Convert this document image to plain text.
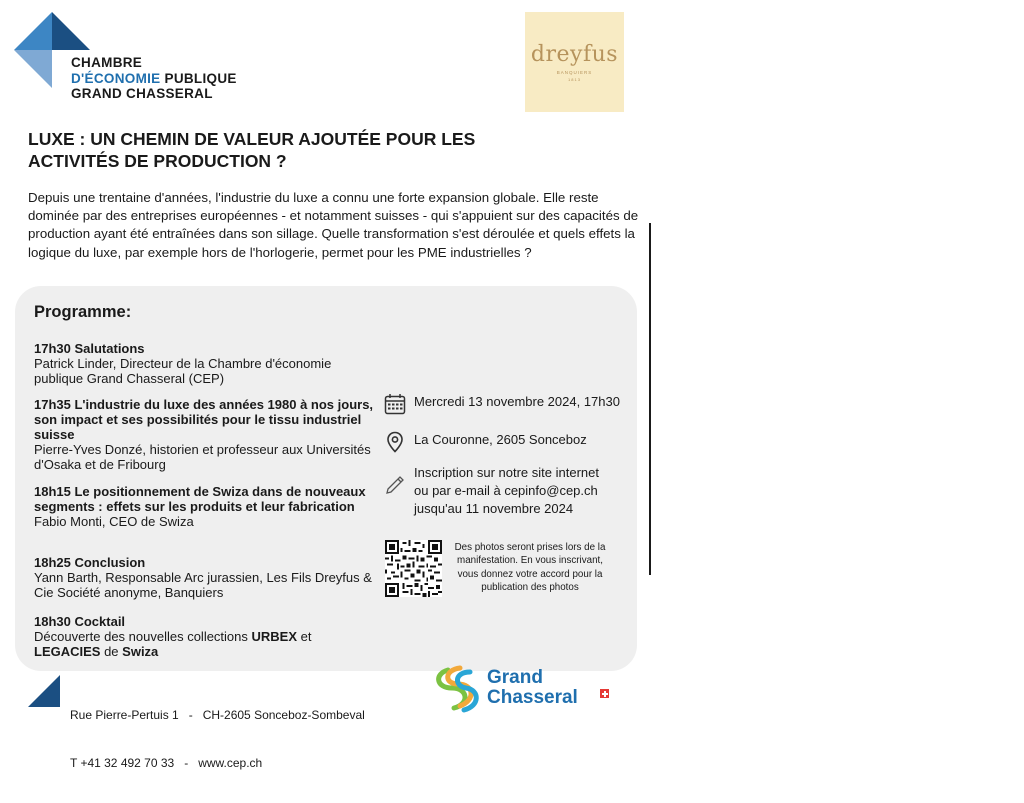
CHAMBRE
D'ÉCONOMIE PUBLIQUE
GRAND CHASSERAL
dreyfus
BANQUIERS
1813
LUXE : UN CHEMIN DE VALEUR AJOUTÉE POUR LES
ACTIVITÉS DE PRODUCTION ?
Depuis une trentaine d'années, l'industrie du luxe a connu une forte expansion globale. Elle reste dominée par des entreprises européennes - et notamment suisses - qui s'appuient sur des capacités de production ayant été entraînées dans son sillage. Quelle transformation s'est déroulée et quels effets la logique du luxe, par exemple hors de l'horlogerie, permet pour les PME industrielles ?
Programme:
17h30 Salutations
Patrick Linder, Directeur de la Chambre d'économie publique Grand Chasseral (CEP)
17h35 L'industrie du luxe des années 1980 à nos jours, son impact et ses possibilités pour le tissu industriel suisse
Pierre-Yves Donzé, historien et professeur aux Universités d'Osaka et de Fribourg
18h15 Le positionnement de Swiza dans de nouveaux segments : effets sur les produits et leur fabrication
Fabio Monti, CEO de Swiza
18h25 Conclusion
Yann Barth, Responsable Arc jurassien, Les Fils Dreyfus & Cie Société anonyme, Banquiers
18h30 Cocktail
Découverte des nouvelles collections URBEX et LEGACIES de Swiza
Mercredi 13 novembre 2024, 17h30
La Couronne, 2605 Sonceboz
Inscription sur notre site internet
ou par e-mail à cepinfo@cep.ch
jusqu'au 11 novembre 2024
Des photos seront prises lors de la manifestation. En vous inscrivant, vous donnez votre accord pour la publication des photos

Rue Pierre-Pertuis 1   -   CH-2605 Sonceboz-Sombeval

T +41 32 492 70 33   -   www.cep.ch

Grand
Chasseral
